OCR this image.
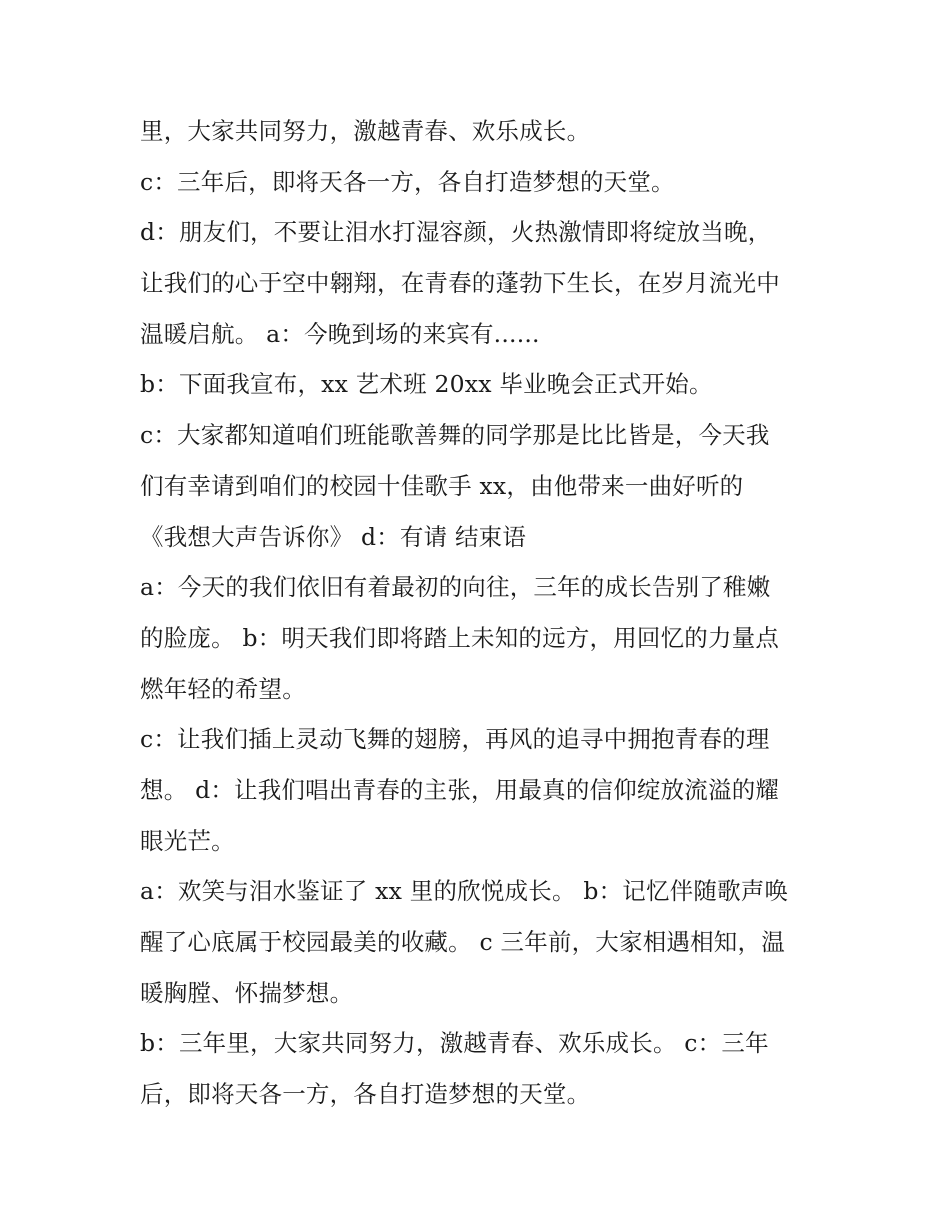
里，大家共同努力，激越青春、欢乐成长。
c：三年后，即将天各一方，各自打造梦想的天堂。
d：朋友们，不要让泪水打湿容颜，火热激情即将绽放当晚，
让我们的心于空中翱翔，在青春的蓬勃下生长，在岁月流光中
温暖启航。 a：今晚到场的来宾有......
b：下面我宣布，xx 艺术班 20xx 毕业晚会正式开始。
c：大家都知道咱们班能歌善舞的同学那是比比皆是，今天我
们有幸请到咱们的校园十佳歌手 xx，由他带来一曲好听的
《我想大声告诉你》 d：有请 结束语
a：今天的我们依旧有着最初的向往，三年的成长告别了稚嫩
的脸庞。 b：明天我们即将踏上未知的远方，用回忆的力量点
燃年轻的希望。
c：让我们插上灵动飞舞的翅膀，再风的追寻中拥抱青春的理
想。 d：让我们唱出青春的主张，用最真的信仰绽放流溢的耀
眼光芒。
a：欢笑与泪水鉴证了 xx 里的欣悦成长。 b：记忆伴随歌声唤
醒了心底属于校园最美的收藏。 c 三年前，大家相遇相知，温
暖胸膛、怀揣梦想。
b：三年里，大家共同努力，激越青春、欢乐成长。 c：三年
后，即将天各一方，各自打造梦想的天堂。
